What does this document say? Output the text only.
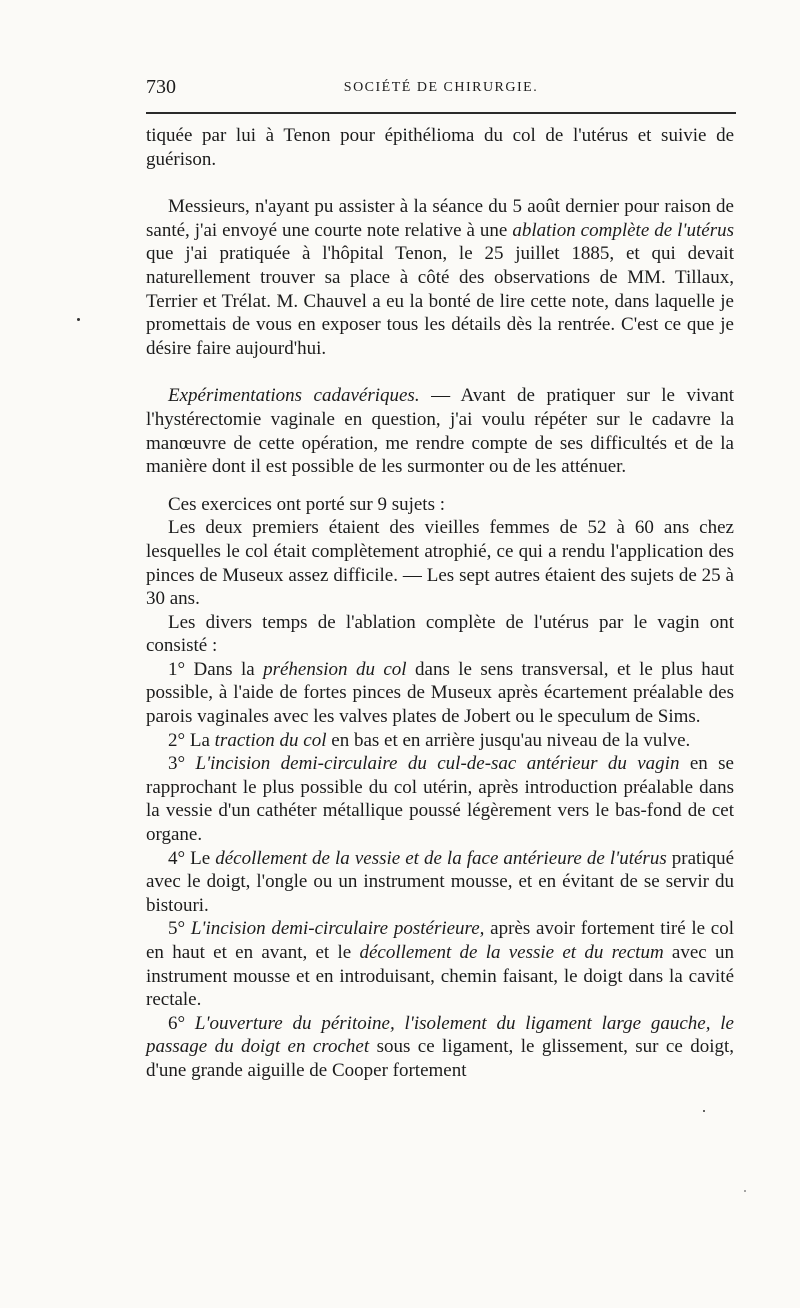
730	SOCIÉTÉ DE CHIRURGIE.

tiquée par lui à Tenon pour épithélioma du col de l'utérus et suivie de guérison.

Messieurs, n'ayant pu assister à la séance du 5 août dernier pour raison de santé, j'ai envoyé une courte note relative à une ablation complète de l'utérus que j'ai pratiquée à l'hôpital Tenon, le 25 juillet 1885, et qui devait naturellement trouver sa place à côté des observations de MM. Tillaux, Terrier et Trélat. M. Chauvel a eu la bonté de lire cette note, dans laquelle je promettais de vous en exposer tous les détails dès la rentrée. C'est ce que je désire faire aujourd'hui.

Expérimentations cadavériques. — Avant de pratiquer sur le vivant l'hystérectomie vaginale en question, j'ai voulu répéter sur le cadavre la manœuvre de cette opération, me rendre compte de ses difficultés et de la manière dont il est possible de les surmonter ou de les atténuer.

Ces exercices ont porté sur 9 sujets :

Les deux premiers étaient des vieilles femmes de 52 à 60 ans chez lesquelles le col était complètement atrophié, ce qui a rendu l'application des pinces de Museux assez difficile. — Les sept autres étaient des sujets de 25 à 30 ans.

Les divers temps de l'ablation complète de l'utérus par le vagin ont consisté :

1° Dans la préhension du col dans le sens transversal, et le plus haut possible, à l'aide de fortes pinces de Museux après écartement préalable des parois vaginales avec les valves plates de Jobert ou le speculum de Sims.

2° La traction du col en bas et en arrière jusqu'au niveau de la vulve.

3° L'incision demi-circulaire du cul-de-sac antérieur du vagin en se rapprochant le plus possible du col utérin, après introduction préalable dans la vessie d'un cathéter métallique poussé légèrement vers le bas-fond de cet organe.

4° Le décollement de la vessie et de la face antérieure de l'utérus pratiqué avec le doigt, l'ongle ou un instrument mousse, et en évitant de se servir du bistouri.

5° L'incision demi-circulaire postérieure, après avoir fortement tiré le col en haut et en avant, et le décollement de la vessie et du rectum avec un instrument mousse et en introduisant, chemin faisant, le doigt dans la cavité rectale.

6° L'ouverture du péritoine, l'isolement du ligament large gauche, le passage du doigt en crochet sous ce ligament, le glissement, sur ce doigt, d'une grande aiguille de Cooper fortement
